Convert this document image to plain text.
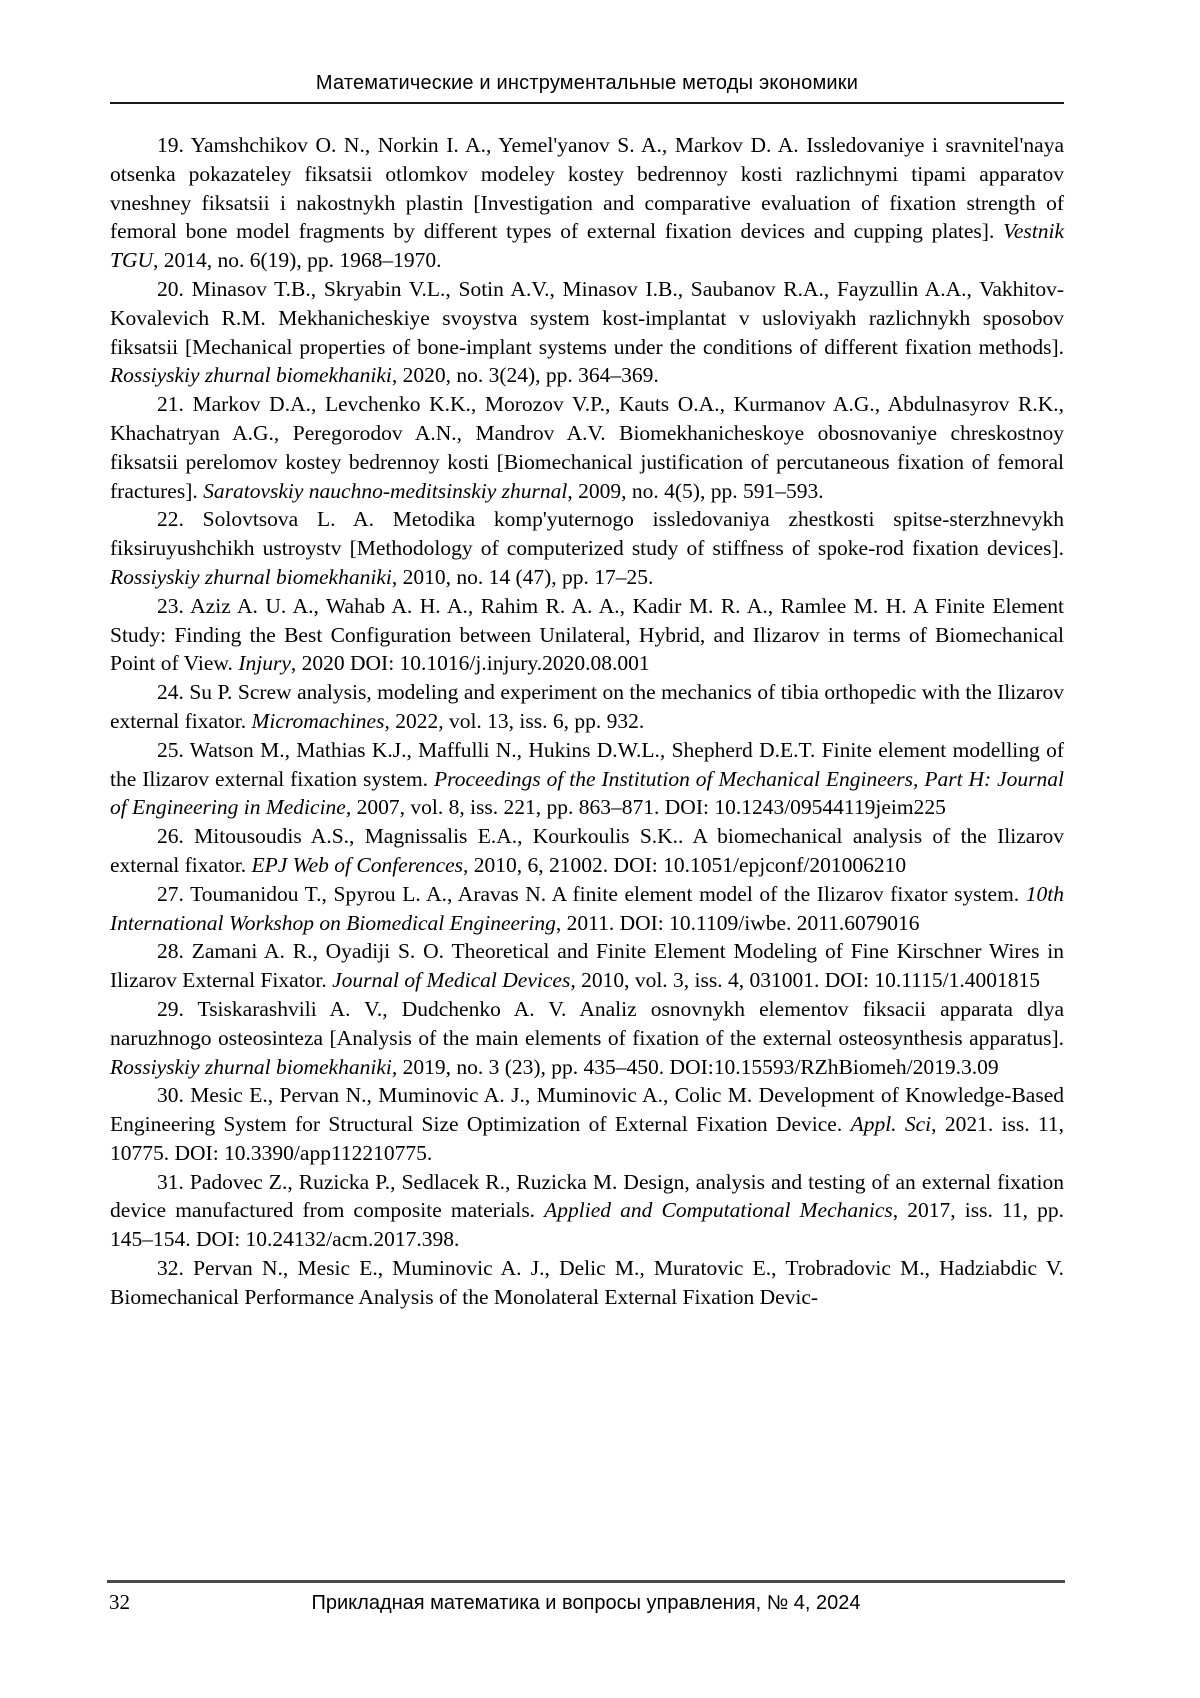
Математические и инструментальные методы экономики

19. Yamshchikov O. N., Norkin I. A., Yemel'yanov S. A., Markov D. A. Issledovaniye i sravnitel'naya otsenka pokazateley fiksatsii otlomkov modeley kostey bedrennoy kosti razlichnymi tipami apparatov vneshney fiksatsii i nakostnykh plastin [Investigation and comparative evaluation of fixation strength of femoral bone model fragments by different types of external fixation devices and cupping plates]. Vestnik TGU, 2014, no. 6(19), pp. 1968–1970.

20. Minasov T.B., Skryabin V.L., Sotin A.V., Minasov I.B., Saubanov R.A., Fayzullin A.A., Vakhitov-Kovalevich R.M. Mekhanicheskiye svoystva system kost-implantat v usloviyakh razlichnykh sposobov fiksatsii [Mechanical properties of bone-implant systems under the conditions of different fixation methods]. Rossiyskiy zhurnal biomekhaniki, 2020, no. 3(24), pp. 364–369.

21. Markov D.A., Levchenko K.K., Morozov V.P., Kauts O.A., Kurmanov A.G., Abdulnasyrov R.K., Khachatryan A.G., Peregorodov A.N., Mandrov A.V. Biomekhanicheskoye obosnovaniye chreskostnoy fiksatsii perelomov kostey bedrennoy kosti [Biomechanical justification of percutaneous fixation of femoral fractures]. Saratovskiy nauchno-meditsinskiy zhurnal, 2009, no. 4(5), pp. 591–593.

22. Solovtsova L. A. Metodika komp'yuternogo issledovaniya zhestkosti spitse-sterzhnevykh fiksiruyushchikh ustroystv [Methodology of computerized study of stiffness of spoke-rod fixation devices]. Rossiyskiy zhurnal biomekhaniki, 2010, no. 14 (47), pp. 17–25.

23. Aziz A. U. A., Wahab A. H. A., Rahim R. A. A., Kadir M. R. A., Ramlee M. H. A Finite Element Study: Finding the Best Configuration between Unilateral, Hybrid, and Ilizarov in terms of Biomechanical Point of View. Injury, 2020 DOI: 10.1016/j.injury.2020.08.001

24. Su P. Screw analysis, modeling and experiment on the mechanics of tibia orthopedic with the Ilizarov external fixator. Micromachines, 2022, vol. 13, iss. 6, pp. 932.

25. Watson M., Mathias K.J., Maffulli N., Hukins D.W.L., Shepherd D.E.T. Finite element modelling of the Ilizarov external fixation system. Proceedings of the Institution of Mechanical Engineers, Part H: Journal of Engineering in Medicine, 2007, vol. 8, iss. 221, pp. 863–871. DOI: 10.1243/09544119jeim225

26. Mitousoudis A.S., Magnissalis E.A., Kourkoulis S.K.. A biomechanical analysis of the Ilizarov external fixator. EPJ Web of Conferences, 2010, 6, 21002. DOI: 10.1051/epjconf/201006210

27. Toumanidou T., Spyrou L. A., Aravas N. A finite element model of the Ilizarov fixator system. 10th International Workshop on Biomedical Engineering, 2011. DOI: 10.1109/iwbe. 2011.6079016

28. Zamani A. R., Oyadiji S. O. Theoretical and Finite Element Modeling of Fine Kirschner Wires in Ilizarov External Fixator. Journal of Medical Devices, 2010, vol. 3, iss. 4, 031001. DOI: 10.1115/1.4001815

29. Tsiskarashvili A. V., Dudchenko A. V. Analiz osnovnykh elementov fiksacii apparata dlya naruzhnogo osteosinteza [Analysis of the main elements of fixation of the external osteosynthesis apparatus]. Rossiyskiy zhurnal biomekhaniki, 2019, no. 3 (23), pp. 435–450. DOI:10.15593/RZhBiomeh/2019.3.09

30. Mesic E., Pervan N., Muminovic A. J., Muminovic A., Colic M. Development of Knowledge-Based Engineering System for Structural Size Optimization of External Fixation Device. Appl. Sci, 2021. iss. 11, 10775. DOI: 10.3390/app112210775.

31. Padovec Z., Ruzicka P., Sedlacek R., Ruzicka M. Design, analysis and testing of an external fixation device manufactured from composite materials. Applied and Computational Mechanics, 2017, iss. 11, pp. 145–154. DOI: 10.24132/acm.2017.398.

32. Pervan N., Mesic E., Muminovic A. J., Delic M., Muratovic E., Trobradovic M., Hadziabdic V. Biomechanical Performance Analysis of the Monolateral External Fixation Devic-

32	Прикладная математика и вопросы управления, № 4, 2024
